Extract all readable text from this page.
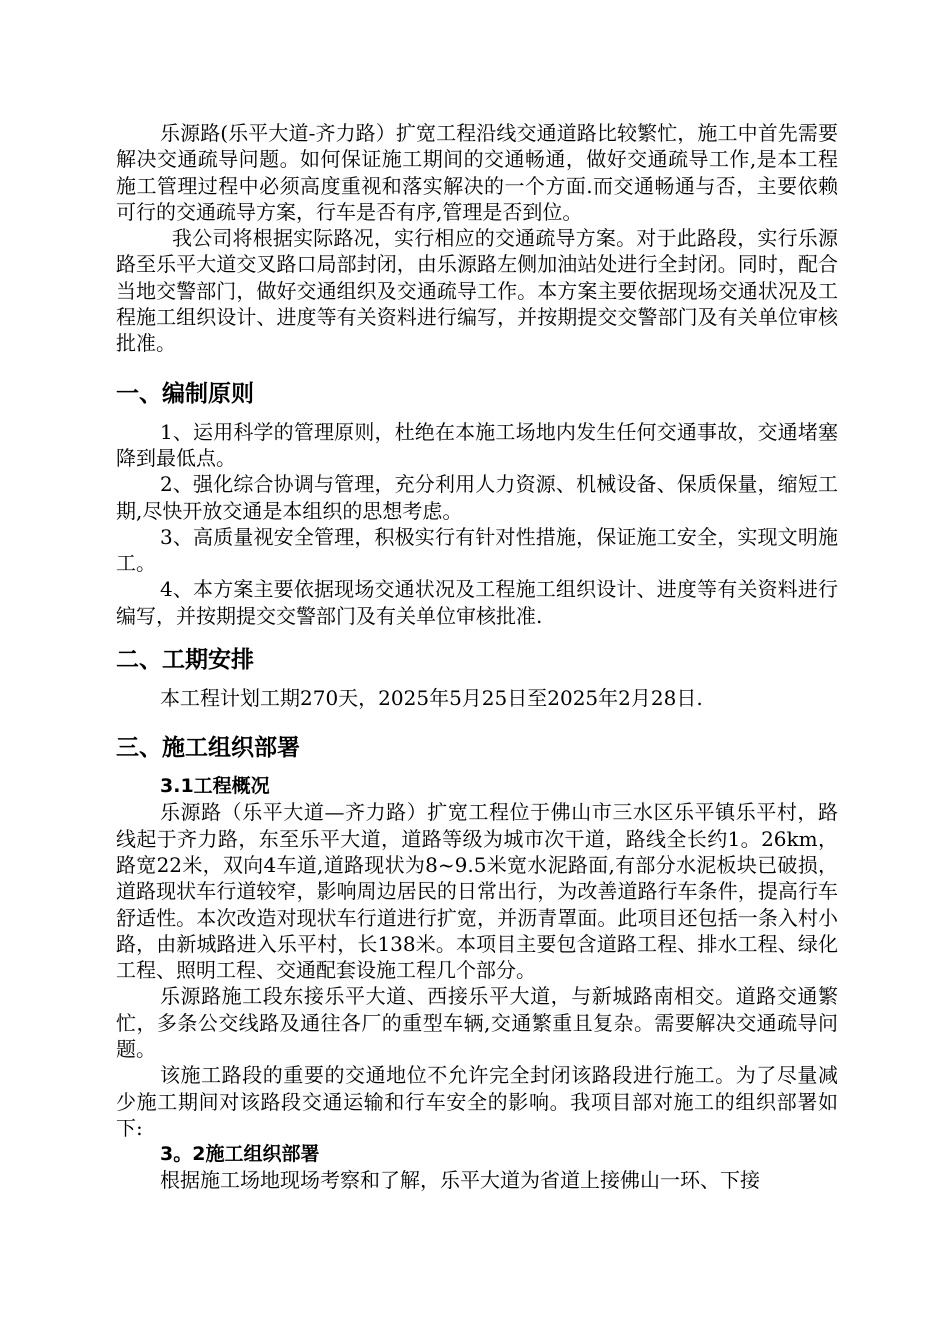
乐源路(乐平大道-齐力路）扩宽工程沿线交通道路比较繁忙，施工中首先需要解决交通疏导问题。如何保证施工期间的交通畅通，做好交通疏导工作,是本工程施工管理过程中必须高度重视和落实解决的一个方面.而交通畅通与否，主要依赖可行的交通疏导方案，行车是否有序,管理是否到位。

我公司将根据实际路况，实行相应的交通疏导方案。对于此路段，实行乐源路至乐平大道交叉路口局部封闭，由乐源路左侧加油站处进行全封闭。同时，配合当地交警部门，做好交通组织及交通疏导工作。本方案主要依据现场交通状况及工程施工组织设计、进度等有关资料进行编写，并按期提交交警部门及有关单位审核批准。

一、编制原则

1、运用科学的管理原则，杜绝在本施工场地内发生任何交通事故，交通堵塞降到最低点。

2、强化综合协调与管理，充分利用人力资源、机械设备、保质保量，缩短工期,尽快开放交通是本组织的思想考虑。

3、高质量视安全管理，积极实行有针对性措施，保证施工安全，实现文明施工。

4、本方案主要依据现场交通状况及工程施工组织设计、进度等有关资料进行编写，并按期提交交警部门及有关单位审核批准.

二、工期安排

本工程计划工期270天，2025年5月25日至2025年2月28日.

三、施工组织部署
3.1工程概况

乐源路（乐平大道—齐力路）扩宽工程位于佛山市三水区乐平镇乐平村，路线起于齐力路，东至乐平大道，道路等级为城市次干道，路线全长约1。26km，路宽22米，双向4车道,道路现状为8~9.5米宽水泥路面,有部分水泥板块已破损，道路现状车行道较窄，影响周边居民的日常出行，为改善道路行车条件，提高行车舒适性。本次改造对现状车行道进行扩宽，并沥青罩面。此项目还包括一条入村小路，由新城路进入乐平村，长138米。本项目主要包含道路工程、排水工程、绿化工程、照明工程、交通配套设施工程几个部分。

乐源路施工段东接乐平大道、西接乐平大道，与新城路南相交。道路交通繁忙，多条公交线路及通往各厂的重型车辆,交通繁重且复杂。需要解决交通疏导问题。

该施工路段的重要的交通地位不允许完全封闭该路段进行施工。为了尽量减少施工期间对该路段交通运输和行车安全的影响。我项目部对施工的组织部署如下:

3。2施工组织部署

根据施工场地现场考察和了解，乐平大道为省道上接佛山一环、下接
